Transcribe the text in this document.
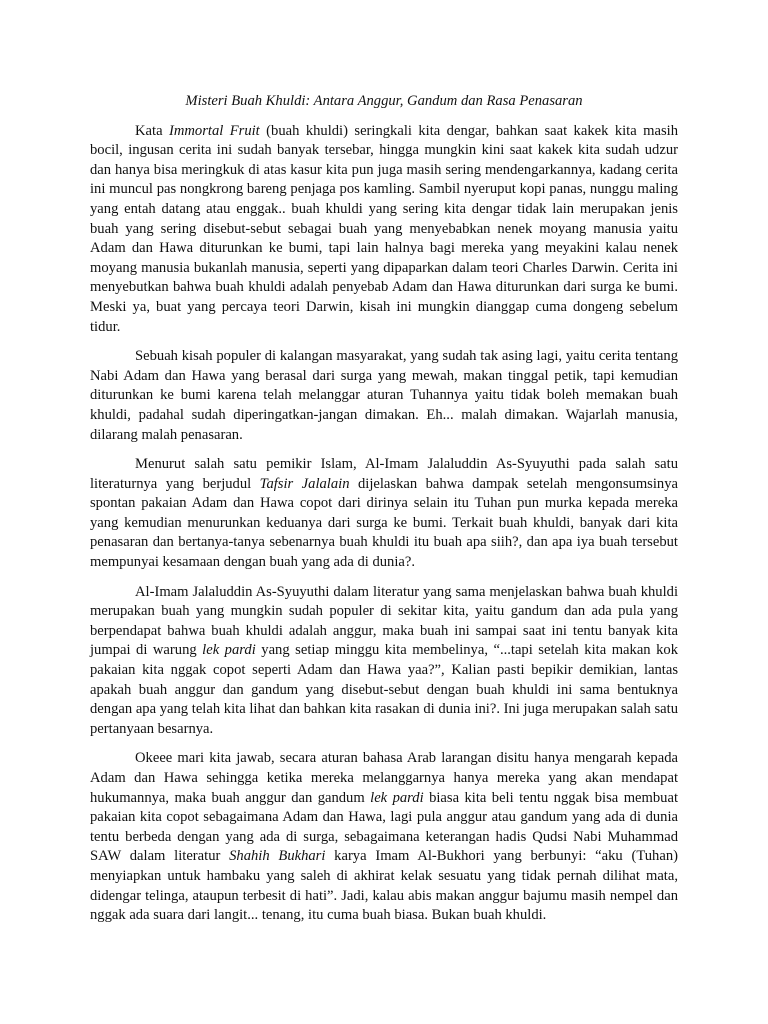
Misteri Buah Khuldi: Antara Anggur, Gandum dan Rasa Penasaran

Kata Immortal Fruit (buah khuldi) seringkali kita dengar, bahkan saat kakek kita masih bocil, ingusan cerita ini sudah banyak tersebar, hingga mungkin kini saat kakek kita sudah udzur dan hanya bisa meringkuk di atas kasur kita pun juga masih sering mendengarkannya, kadang cerita ini muncul pas nongkrong bareng penjaga pos kamling. Sambil nyeruput kopi panas, nunggu maling yang entah datang atau enggak.. buah khuldi yang sering kita dengar tidak lain merupakan jenis buah yang sering disebut-sebut sebagai buah yang menyebabkan nenek moyang manusia yaitu Adam dan Hawa diturunkan ke bumi, tapi lain halnya bagi mereka yang meyakini kalau nenek moyang manusia bukanlah manusia, seperti yang dipaparkan dalam teori Charles Darwin. Cerita ini menyebutkan bahwa buah khuldi adalah penyebab Adam dan Hawa diturunkan dari surga ke bumi. Meski ya, buat yang percaya teori Darwin, kisah ini mungkin dianggap cuma dongeng sebelum tidur.

Sebuah kisah populer di kalangan masyarakat, yang sudah tak asing lagi, yaitu cerita tentang Nabi Adam dan Hawa yang berasal dari surga yang mewah, makan tinggal petik, tapi kemudian diturunkan ke bumi karena telah melanggar aturan Tuhannya yaitu tidak boleh memakan buah khuldi, padahal sudah diperingatkan-jangan dimakan. Eh... malah dimakan. Wajarlah manusia, dilarang malah penasaran.

Menurut salah satu pemikir Islam, Al-Imam Jalaluddin As-Syuyuthi pada salah satu literaturnya yang berjudul Tafsir Jalalain dijelaskan bahwa dampak setelah mengonsumsinya spontan pakaian Adam dan Hawa copot dari dirinya selain itu Tuhan pun murka kepada mereka yang kemudian menurunkan keduanya dari surga ke bumi. Terkait buah khuldi, banyak dari kita penasaran dan bertanya-tanya sebenarnya buah khuldi itu buah apa siih?, dan apa iya buah tersebut mempunyai kesamaan dengan buah yang ada di dunia?.

Al-Imam Jalaluddin As-Syuyuthi dalam literatur yang sama menjelaskan bahwa buah khuldi merupakan buah yang mungkin sudah populer di sekitar kita, yaitu gandum dan ada pula yang berpendapat bahwa buah khuldi adalah anggur, maka buah ini sampai saat ini tentu banyak kita jumpai di warung lek pardi yang setiap minggu kita membelinya, “...tapi setelah kita makan kok pakaian kita nggak copot seperti Adam dan Hawa yaa?”, Kalian pasti bepikir demikian, lantas apakah buah anggur dan gandum yang disebut-sebut dengan buah khuldi ini sama bentuknya dengan apa yang telah kita lihat dan bahkan kita rasakan di dunia ini?. Ini juga merupakan salah satu pertanyaan besarnya.

Okeee mari kita jawab, secara aturan bahasa Arab larangan disitu hanya mengarah kepada Adam dan Hawa sehingga ketika mereka melanggarnya hanya mereka yang akan mendapat hukumannya, maka buah anggur dan gandum lek pardi biasa kita beli tentu nggak bisa membuat pakaian kita copot sebagaimana Adam dan Hawa, lagi pula anggur atau gandum yang ada di dunia tentu berbeda dengan yang ada di surga, sebagaimana keterangan hadis Qudsi Nabi Muhammad SAW dalam literatur Shahih Bukhari karya Imam Al-Bukhori yang berbunyi: “aku (Tuhan) menyiapkan untuk hambaku yang saleh di akhirat kelak sesuatu yang tidak pernah dilihat mata, didengar telinga, ataupun terbesit di hati”. Jadi, kalau abis makan anggur bajumu masih nempel dan nggak ada suara dari langit... tenang, itu cuma buah biasa. Bukan buah khuldi.
